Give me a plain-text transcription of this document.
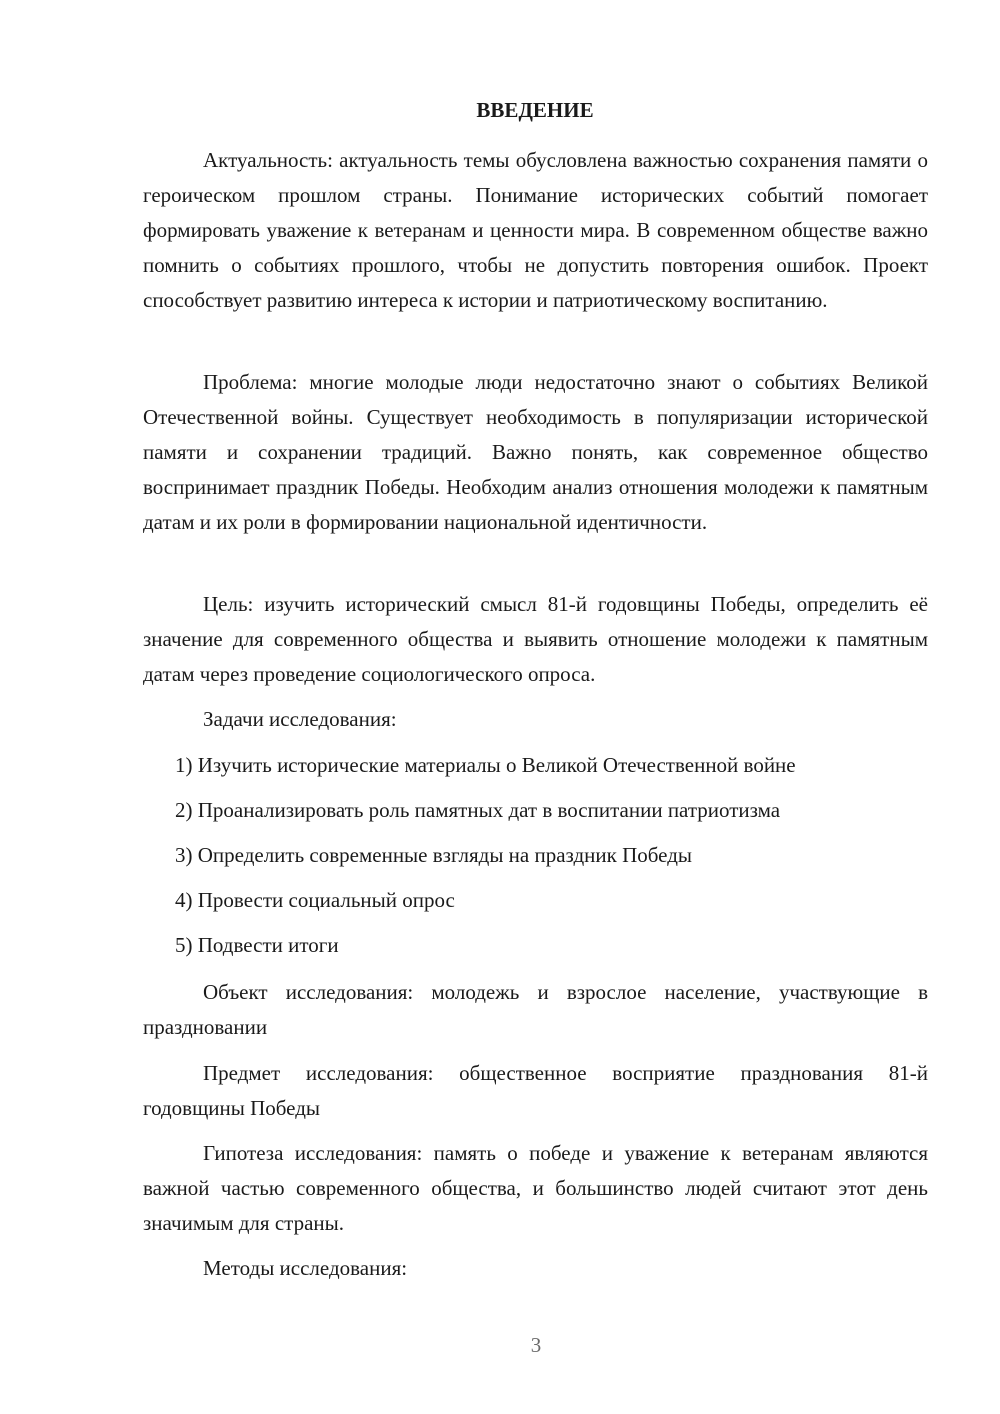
ВВЕДЕНИЕ

Актуальность: актуальность темы обусловлена важностью сохранения памяти о героическом прошлом страны. Понимание исторических событий помогает формировать уважение к ветеранам и ценности мира. В современном обществе важно помнить о событиях прошлого, чтобы не допустить повторения ошибок. Проект способствует развитию интереса к истории и патриотическому воспитанию.

Проблема: многие молодые люди недостаточно знают о событиях Великой Отечественной войны. Существует необходимость в популяризации исторической памяти и сохранении традиций. Важно понять, как современное общество воспринимает праздник Победы. Необходим анализ отношения молодежи к памятным датам и их роли в формировании национальной идентичности.

Цель: изучить исторический смысл 81-й годовщины Победы, определить её значение для современного общества и выявить отношение молодежи к памятным датам через проведение социологического опроса.

Задачи исследования:

1) Изучить исторические материалы о Великой Отечественной войне

2) Проанализировать роль памятных дат в воспитании патриотизма

3) Определить современные взгляды на праздник Победы

4) Провести социальный опрос

5) Подвести итоги

Объект исследования: молодежь и взрослое население, участвующие в праздновании

Предмет исследования: общественное восприятие празднования 81-й годовщины Победы

Гипотеза исследования: память о победе и уважение к ветеранам являются важной частью современного общества, и большинство людей считают этот день значимым для страны.

Методы исследования:

3
